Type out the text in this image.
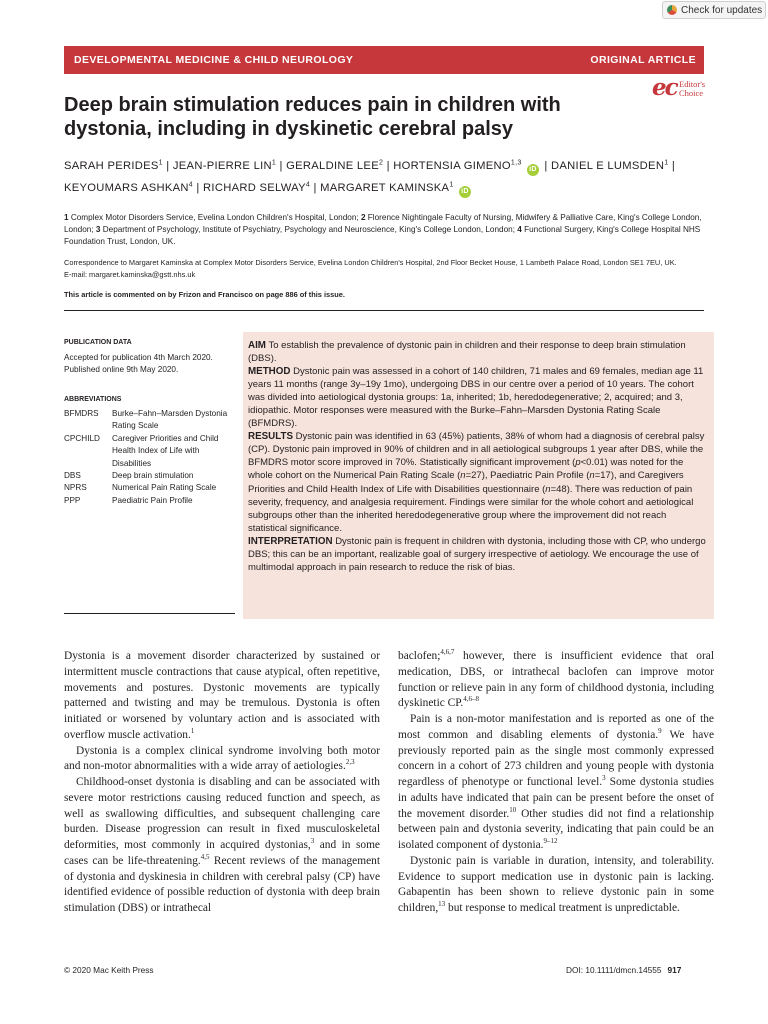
Check for updates
DEVELOPMENTAL MEDICINE & CHILD NEUROLOGY	ORIGINAL ARTICLE
ec Editor's
Choice
Deep brain stimulation reduces pain in children with
dystonia, including in dyskinetic cerebral palsy
SARAH PERIDES$^1$ | JEAN-PIERRE LIN$^1$ | GERALDINE LEE$^2$ | HORTENSIA GIMENO$^{1,3}$ iD | DANIEL E LUMSDEN$^1$ |
KEYOUMARS ASHKAN$^4$ | RICHARD SELWAY$^4$ | MARGARET KAMINSKA$^1$ iD
1 Complex Motor Disorders Service, Evelina London Children's Hospital, London; 2 Florence Nightingale Faculty of Nursing, Midwifery & Palliative Care, King's College London, London; 3 Department of Psychology, Institute of Psychiatry, Psychology and Neuroscience, King's College London, London; 4 Functional Surgery, King's College Hospital NHS Foundation Trust, London, UK.
Correspondence to Margaret Kaminska at Complex Motor Disorders Service, Evelina London Children's Hospital, 2nd Floor Becket House, 1 Lambeth Palace Road, London SE1 7EU, UK.
E-mail: margaret.kaminska@gstt.nhs.uk
This article is commented on by Frizon and Francisco on page 886 of this issue.
PUBLICATION DATA
Accepted for publication 4th March 2020.
Published online 9th May 2020.
ABBREVIATIONS
BFMDRS	Burke–Fahn–Marsden Dystonia Rating Scale
CPCHILD	Caregiver Priorities and Child Health Index of Life with Disabilities
DBS	Deep brain stimulation
NPRS	Numerical Pain Rating Scale
PPP	Paediatric Pain Profile
AIM To establish the prevalence of dystonic pain in children and their response to deep brain stimulation (DBS).
METHOD Dystonic pain was assessed in a cohort of 140 children, 71 males and 69 females, median age 11 years 11 months (range 3y–19y 1mo), undergoing DBS in our centre over a period of 10 years. The cohort was divided into aetiological dystonia groups: 1a, inherited; 1b, heredodegenerative; 2, acquired; and 3, idiopathic. Motor responses were measured with the Burke–Fahn–Marsden Dystonia Rating Scale (BFMDRS).
RESULTS Dystonic pain was identified in 63 (45%) patients, 38% of whom had a diagnosis of cerebral palsy (CP). Dystonic pain improved in 90% of children and in all aetiological subgroups 1 year after DBS, while the BFMDRS motor score improved in 70%. Statistically significant improvement (p<0.01) was noted for the whole cohort on the Numerical Pain Rating Scale (n=27), Paediatric Pain Profile (n=17), and Caregivers Priorities and Child Health Index of Life with Disabilities questionnaire (n=48). There was reduction of pain severity, frequency, and analgesia requirement. Findings were similar for the whole cohort and aetiological subgroups other than the inherited heredodegenerative group where the improvement did not reach statistical significance.
INTERPRETATION Dystonic pain is frequent in children with dystonia, including those with CP, who undergo DBS; this can be an important, realizable goal of surgery irrespective of aetiology. We encourage the use of multimodal approach in pain research to reduce the risk of bias.

Dystonia is a movement disorder characterized by sustained or intermittent muscle contractions that cause atypical, often repetitive, movements and postures. Dystonic movements are typically patterned and twisting and may be tremulous. Dystonia is often initiated or worsened by voluntary action and is associated with overflow muscle activation.$^1$

Dystonia is a complex clinical syndrome involving both motor and non-motor abnormalities with a wide array of aetiologies.$^{2,3}$

Childhood-onset dystonia is disabling and can be associated with severe motor restrictions causing reduced function and speech, as well as swallowing difficulties, and subsequent challenging care burden. Disease progression can result in fixed musculoskeletal deformities, most commonly in acquired dystonias,$^3$ and in some cases can be life-threatening.$^{4,5}$ Recent reviews of the management of dystonia and dyskinesia in children with cerebral palsy (CP) have identified evidence of possible reduction of dystonia with deep brain stimulation (DBS) or intrathecal

baclofen;$^{4,6,7}$ however, there is insufficient evidence that oral medication, DBS, or intrathecal baclofen can improve motor function or relieve pain in any form of childhood dystonia, including dyskinetic CP.$^{4,6-8}$

Pain is a non-motor manifestation and is reported as one of the most common and disabling elements of dystonia.$^9$ We have previously reported pain as the single most commonly expressed concern in a cohort of 273 children and young people with dystonia regardless of phenotype or functional level.$^3$ Some dystonia studies in adults have indicated that pain can be present before the onset of the movement disorder.$^{10}$ Other studies did not find a relationship between pain and dystonia severity, indicating that pain could be an isolated component of dystonia.$^{9-12}$

Dystonic pain is variable in duration, intensity, and tolerability. Evidence to support medication use in dystonic pain is lacking. Gabapentin has been shown to relieve dystonic pain in some children,$^{13}$ but response to medical treatment is unpredictable.

© 2020 Mac Keith Press	DOI: 10.1111/dmcn.14555 917
